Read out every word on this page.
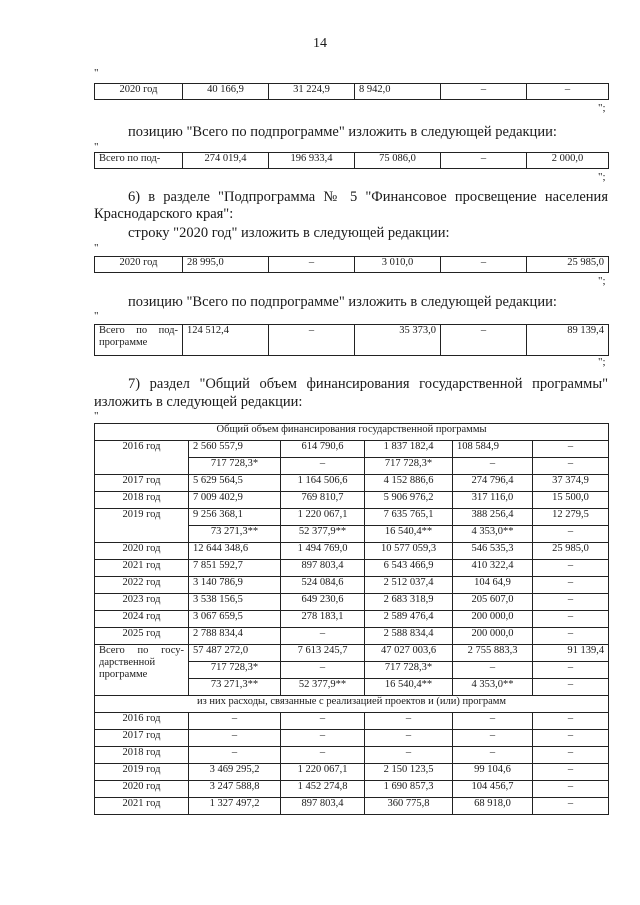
14
"
2020 год	40 166,9	31 224,9	8 942,0	–	–
";
позицию "Всего по подпрограмме" изложить в следующей редакции:
"
Всего по под-	274 019,4	196 933,4	75 086,0	–	2 000,0
";
6) в разделе "Подпрограмма № 5 "Финансовое просвещение населения
Краснодарского края":
строку "2020 год" изложить в следующей редакции:
"
2020 год	28 995,0	–	3 010,0	–	25 985,0
";
позицию "Всего по подпрограмме" изложить в следующей редакции:
"
Всего по под-программе	124 512,4	–	35 373,0	–	89 139,4
";
7) раздел "Общий объем финансирования государственной программы"
изложить в следующей редакции:
"
Общий объем финансирования государственной программы					
2016 год	2 560 557,9	614 790,6	1 837 182,4	108 584,9	–
	717 728,3*	–	717 728,3*	–	–
2017 год	5 629 564,5	1 164 506,6	4 152 886,6	274 796,4	37 374,9
2018 год	7 009 402,9	769 810,7	5 906 976,2	317 116,0	15 500,0
2019 год	9 256 368,1	1 220 067,1	7 635 765,1	388 256,4	12 279,5
	73 271,3**	52 377,9**	16 540,4**	4 353,0**	–
2020 год	12 644 348,6	1 494 769,0	10 577 059,3	546 535,3	25 985,0
2021 год	7 851 592,7	897 803,4	6 543 466,9	410 322,4	–
2022 год	3 140 786,9	524 084,6	2 512 037,4	104 64,9	–
2023 год	3 538 156,5	649 230,6	2 683 318,9	205 607,0	–
2024 год	3 067 659,5	278 183,1	2 589 476,4	200 000,0	–
2025 год	2 788 834,4	–	2 588 834,4	200 000,0	–
Всего по госу-дарственной программе	57 487 272,0	7 613 245,7	47 027 003,6	2 755 883,3	91 139,4
	717 728,3*	–	717 728,3*	–	–
	73 271,3**	52 377,9**	16 540,4**	4 353,0**	–
из них расходы, связанные с реализацией проектов и (или) программ					
2016 год	–	–	–	–	–
2017 год	–	–	–	–	–
2018 год	–	–	–	–	–
2019 год	3 469 295,2	1 220 067,1	2 150 123,5	99 104,6	–
2020 год	3 247 588,8	1 452 274,8	1 690 857,3	104 456,7	–
2021 год	1 327 497,2	897 803,4	360 775,8	68 918,0	–
